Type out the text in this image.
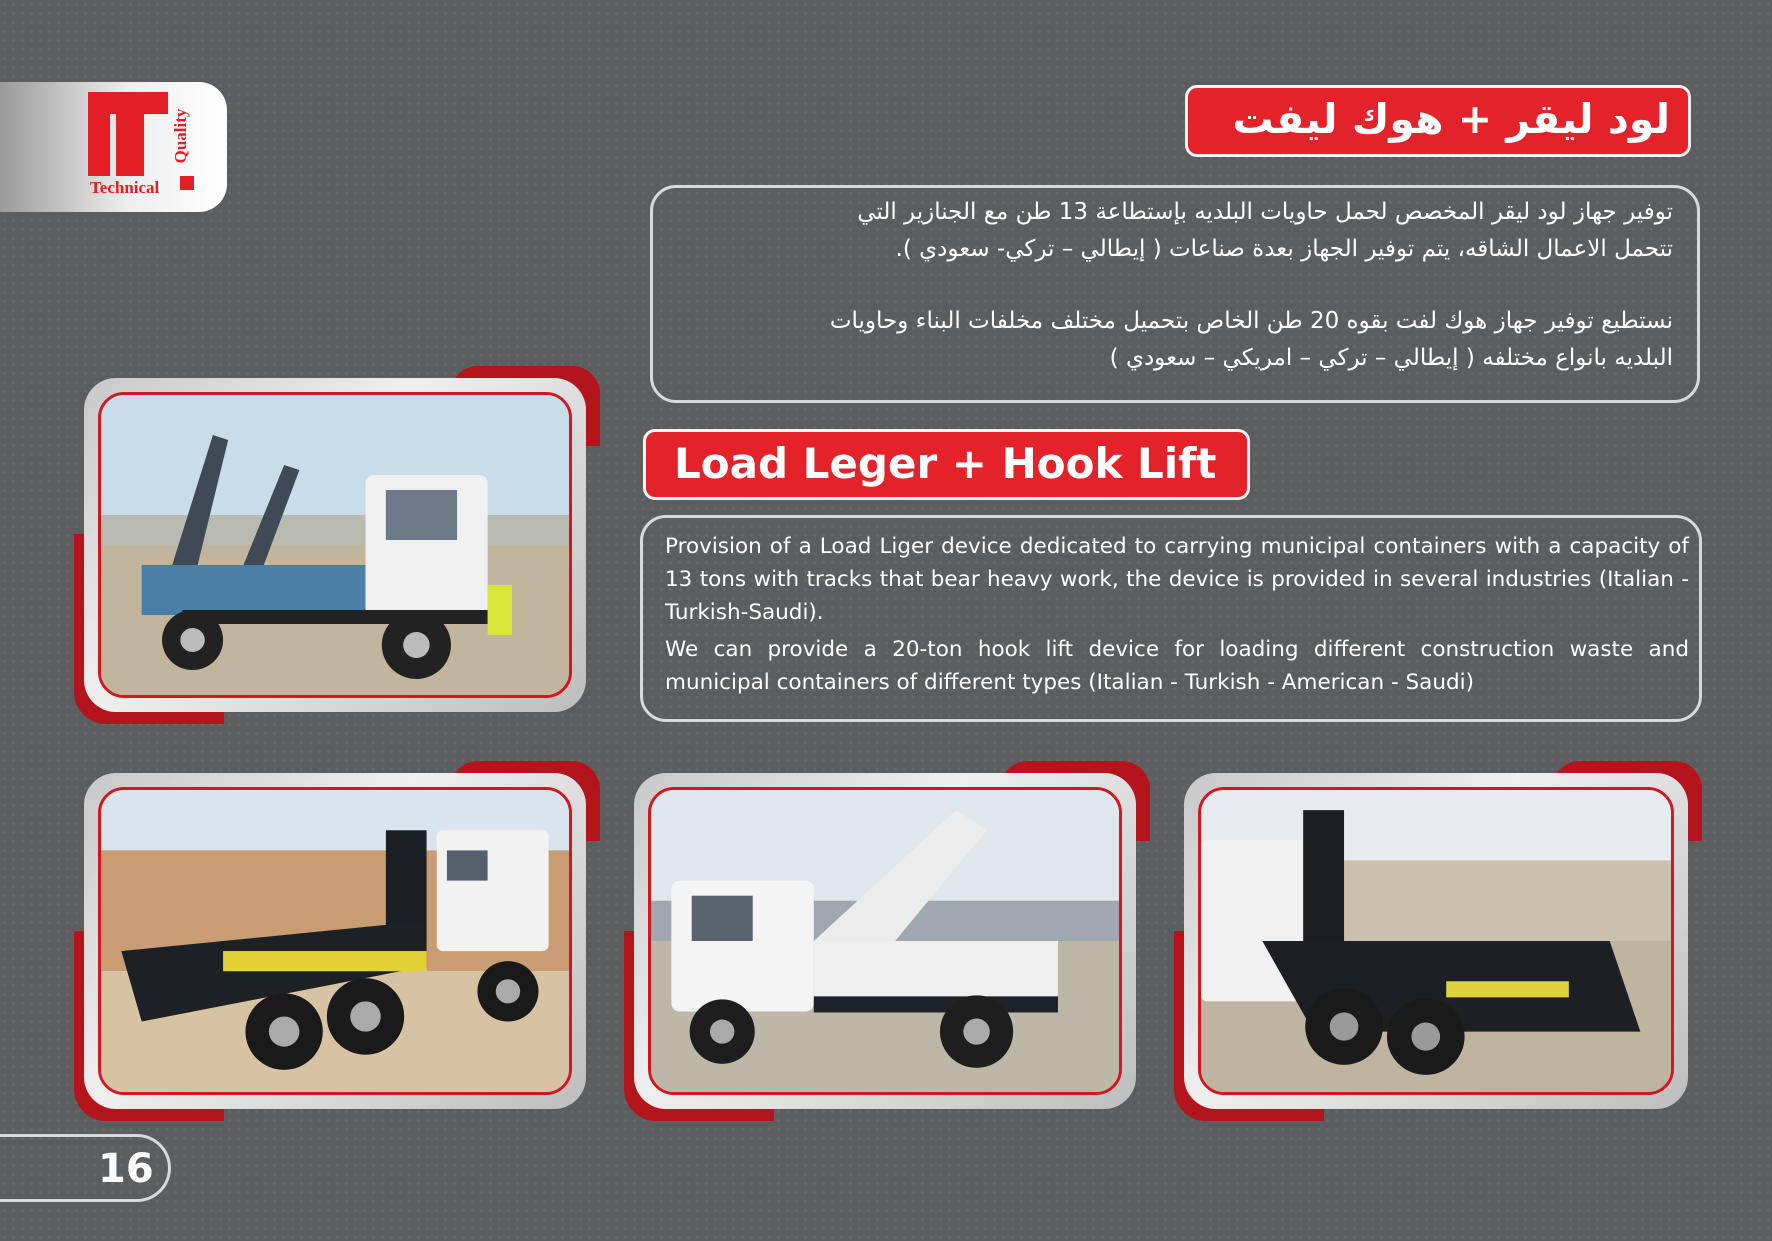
Quality
Technical
لود ليقر + هوك ليفت
توفير جهاز لود ليقر المخصص لحمل حاويات البلديه بإستطاعة 13 طن مع الجنازير التي
تتحمل الاعمال الشاقه، يتم توفير الجهاز بعدة صناعات ( إيطالي – تركي- سعودي ).
نستطيع توفير جهاز هوك لفت بقوه 20 طن الخاص بتحميل مختلف مخلفات البناء وحاويات
البلديه بانواع مختلفه ( إيطالي – تركي – امريكي – سعودي )
Load Leger + Hook Lift
Provision of a Load Liger device dedicated to carrying municipal containers with a capacity of 13 tons with tracks that bear heavy work, the device is provided in several industries (Italian - Turkish-Saudi).
We can provide a 20-ton hook lift device for loading different construction waste and municipal containers of different types (Italian - Turkish - American - Saudi)
16
